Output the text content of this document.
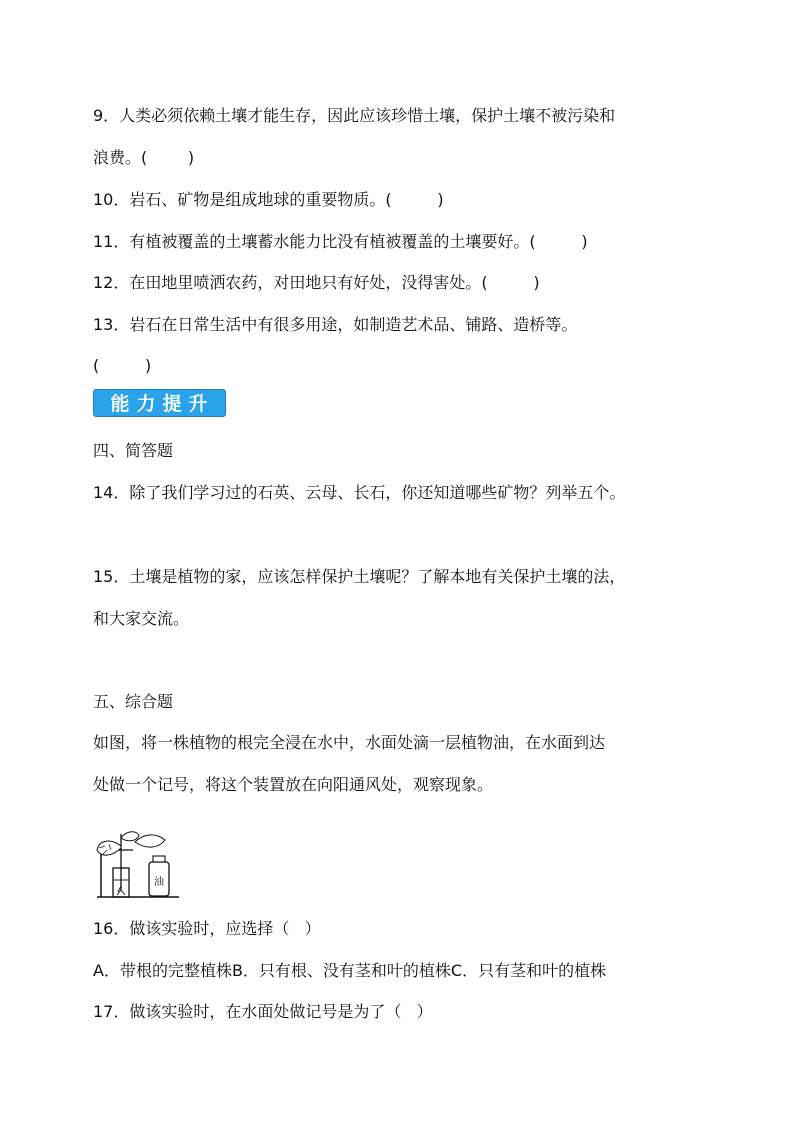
9．人类必须依赖土壤才能生存，因此应该珍惜土壤，保护土壤不被污染和
浪费。(        )
10．岩石、矿物是组成地球的重要物质。(         )
11．有植被覆盖的土壤蓄水能力比没有植被覆盖的土壤要好。(         )
12．在田地里喷洒农药，对田地只有好处，没得害处。(         )
13．岩石在日常生活中有很多用途，如制造艺术品、铺路、造桥等。
(         )
能力提升
四、简答题
14．除了我们学习过的石英、云母、长石，你还知道哪些矿物？列举五个。
15．土壤是植物的家，应该怎样保护土壤呢？了解本地有关保护土壤的法，
和大家交流。
五、综合题
如图，将一株植物的根完全浸在水中，水面处滴一层植物油，在水面到达
处做一个记号，将这个装置放在向阳通风处，观察现象。
油
16．做该实验时，应选择（   ）
A．带根的完整植株B．只有根、没有茎和叶的植株C．只有茎和叶的植株
17．做该实验时，在水面处做记号是为了（   ）
